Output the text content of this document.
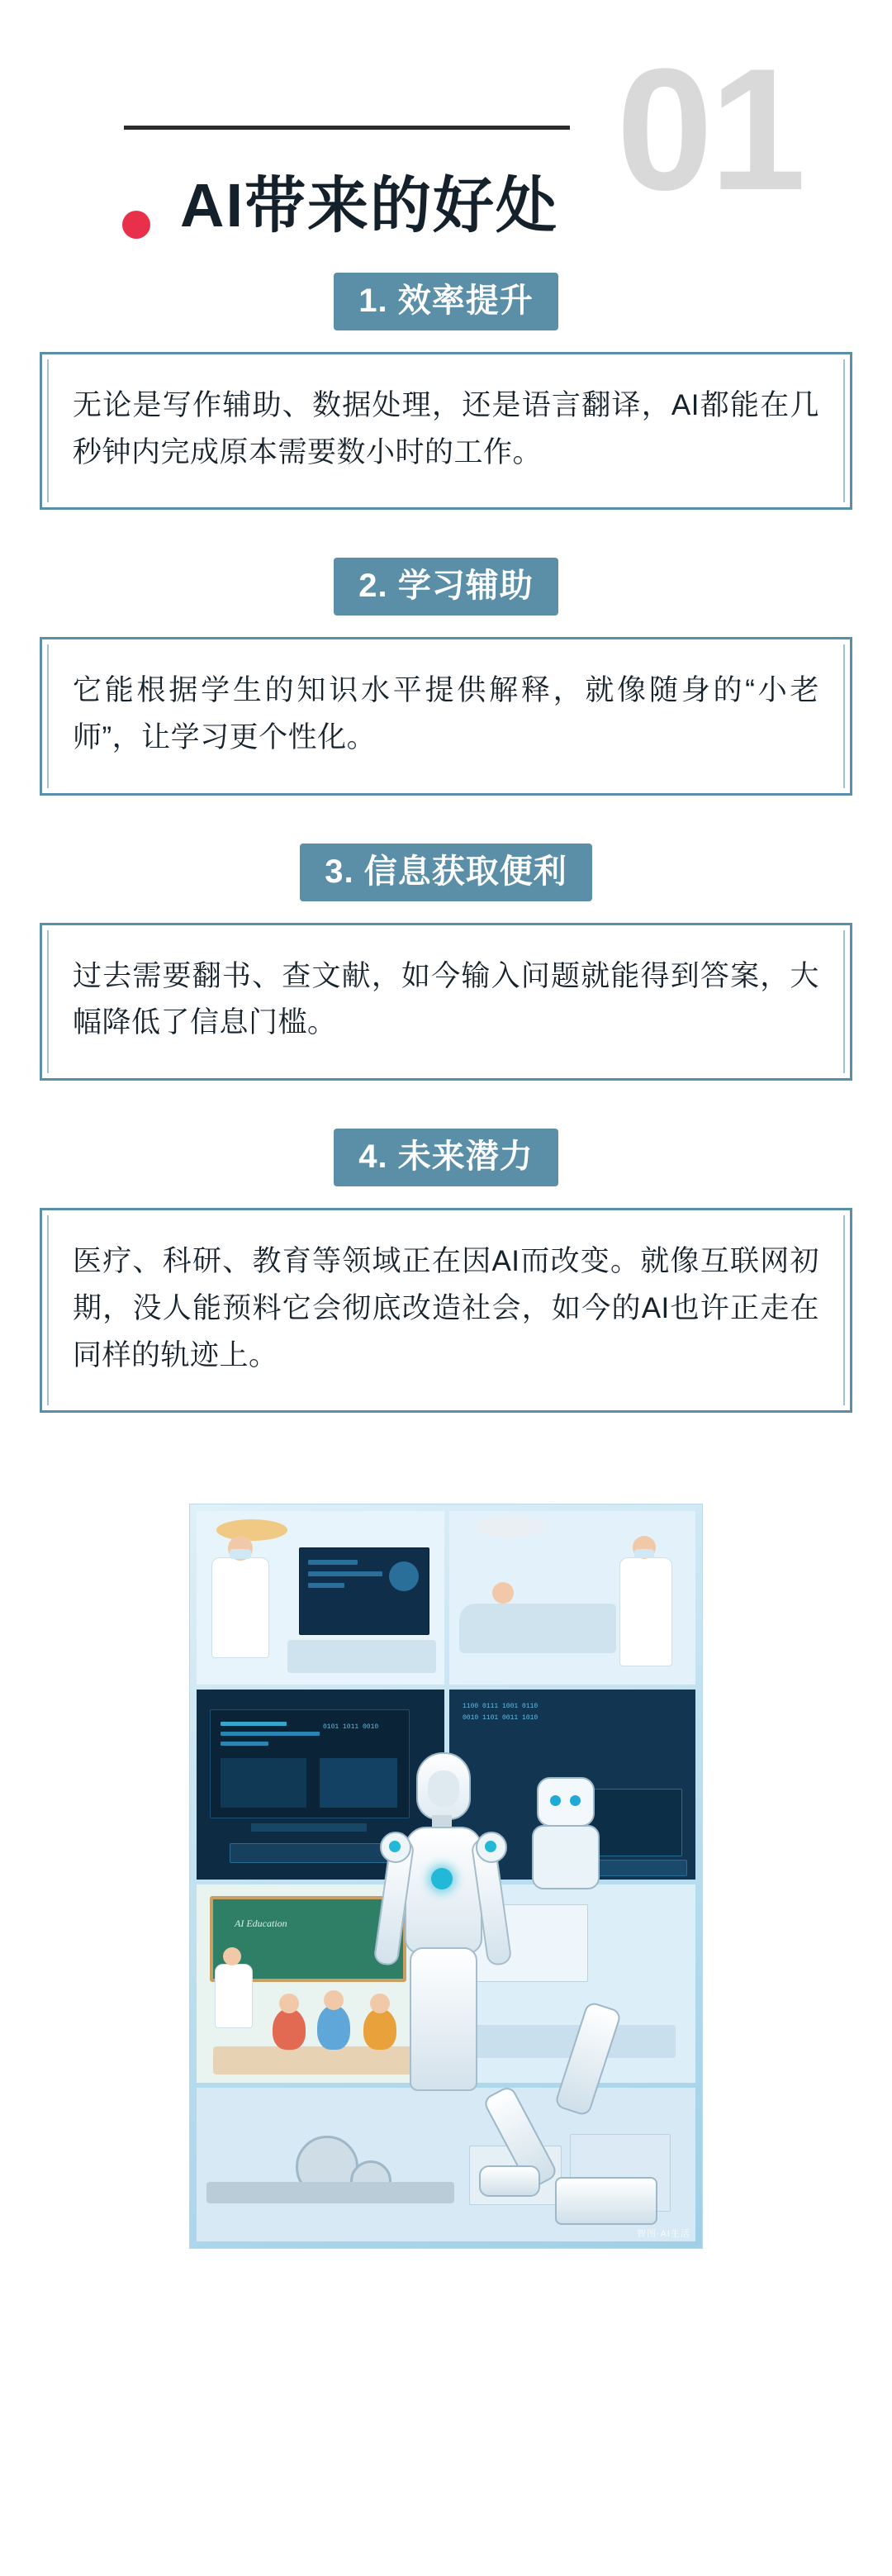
01
AI带来的好处
1. 效率提升
无论是写作辅助、数据处理，还是语言翻译，AI都能在几秒钟内完成原本需要数小时的工作。
2. 学习辅助
它能根据学生的知识水平提供解释，就像随身的“小老师”，让学习更个性化。
3. 信息获取便利
过去需要翻书、查文献，如今输入问题就能得到答案，大幅降低了信息门槛。
4. 未来潜力
医疗、科研、教育等领域正在因AI而改变。就像互联网初期，没人能预料它会彻底改造社会，如今的AI也许正走在同样的轨迹上。
0101 1011 0010
1100 0111 1001 0110
0010 1101 0011 1010
AI Education
智图·AI生活
